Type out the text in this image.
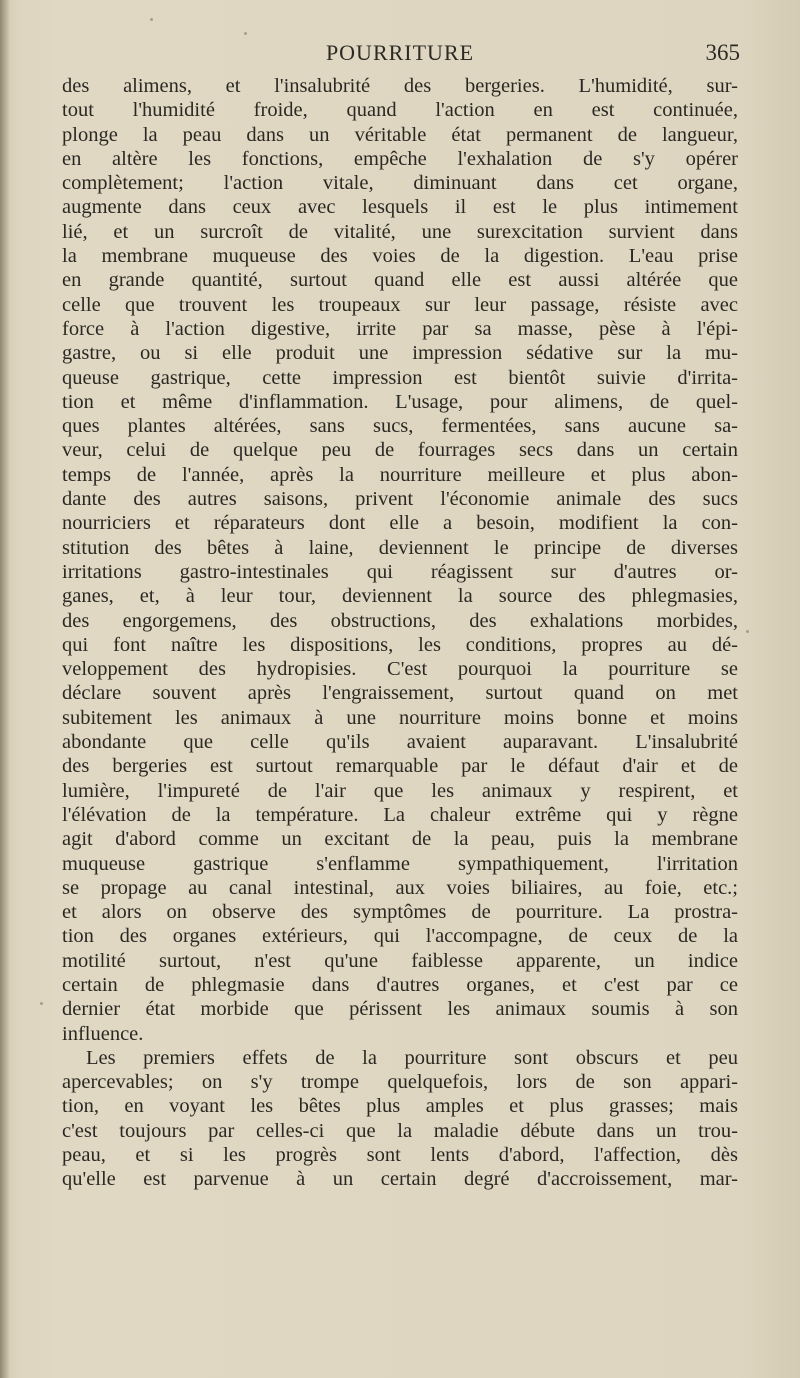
POURRITURE	365
des alimens, et l'insalubrité des bergeries. L'humidité, sur-
tout l'humidité froide, quand l'action en est continuée,
plonge la peau dans un véritable état permanent de langueur,
en altère les fonctions, empêche l'exhalation de s'y opérer
complètement; l'action vitale, diminuant dans cet organe,
augmente dans ceux avec lesquels il est le plus intimement
lié, et un surcroît de vitalité, une surexcitation survient dans
la membrane muqueuse des voies de la digestion. L'eau prise
en grande quantité, surtout quand elle est aussi altérée que
celle que trouvent les troupeaux sur leur passage, résiste avec
force à l'action digestive, irrite par sa masse, pèse à l'épi-
gastre, ou si elle produit une impression sédative sur la mu-
queuse gastrique, cette impression est bientôt suivie d'irrita-
tion et même d'inflammation. L'usage, pour alimens, de quel-
ques plantes altérées, sans sucs, fermentées, sans aucune sa-
veur, celui de quelque peu de fourrages secs dans un certain
temps de l'année, après la nourriture meilleure et plus abon-
dante des autres saisons, privent l'économie animale des sucs
nourriciers et réparateurs dont elle a besoin, modifient la con-
stitution des bêtes à laine, deviennent le principe de diverses
irritations gastro-intestinales qui réagissent sur d'autres or-
ganes, et, à leur tour, deviennent la source des phlegmasies,
des engorgemens, des obstructions, des exhalations morbides,
qui font naître les dispositions, les conditions, propres au dé-
veloppement des hydropisies. C'est pourquoi la pourriture se
déclare souvent après l'engraissement, surtout quand on met
subitement les animaux à une nourriture moins bonne et moins
abondante que celle qu'ils avaient auparavant. L'insalubrité
des bergeries est surtout remarquable par le défaut d'air et de
lumière, l'impureté de l'air que les animaux y respirent, et
l'élévation de la température. La chaleur extrême qui y règne
agit d'abord comme un excitant de la peau, puis la membrane
muqueuse gastrique s'enflamme sympathiquement, l'irritation
se propage au canal intestinal, aux voies biliaires, au foie, etc.;
et alors on observe des symptômes de pourriture. La prostra-
tion des organes extérieurs, qui l'accompagne, de ceux de la
motilité surtout, n'est qu'une faiblesse apparente, un indice
certain de phlegmasie dans d'autres organes, et c'est par ce
dernier état morbide que périssent les animaux soumis à son
influence.
Les premiers effets de la pourriture sont obscurs et peu
apercevables; on s'y trompe quelquefois, lors de son appari-
tion, en voyant les bêtes plus amples et plus grasses; mais
c'est toujours par celles-ci que la maladie débute dans un trou-
peau, et si les progrès sont lents d'abord, l'affection, dès
qu'elle est parvenue à un certain degré d'accroissement, mar-
